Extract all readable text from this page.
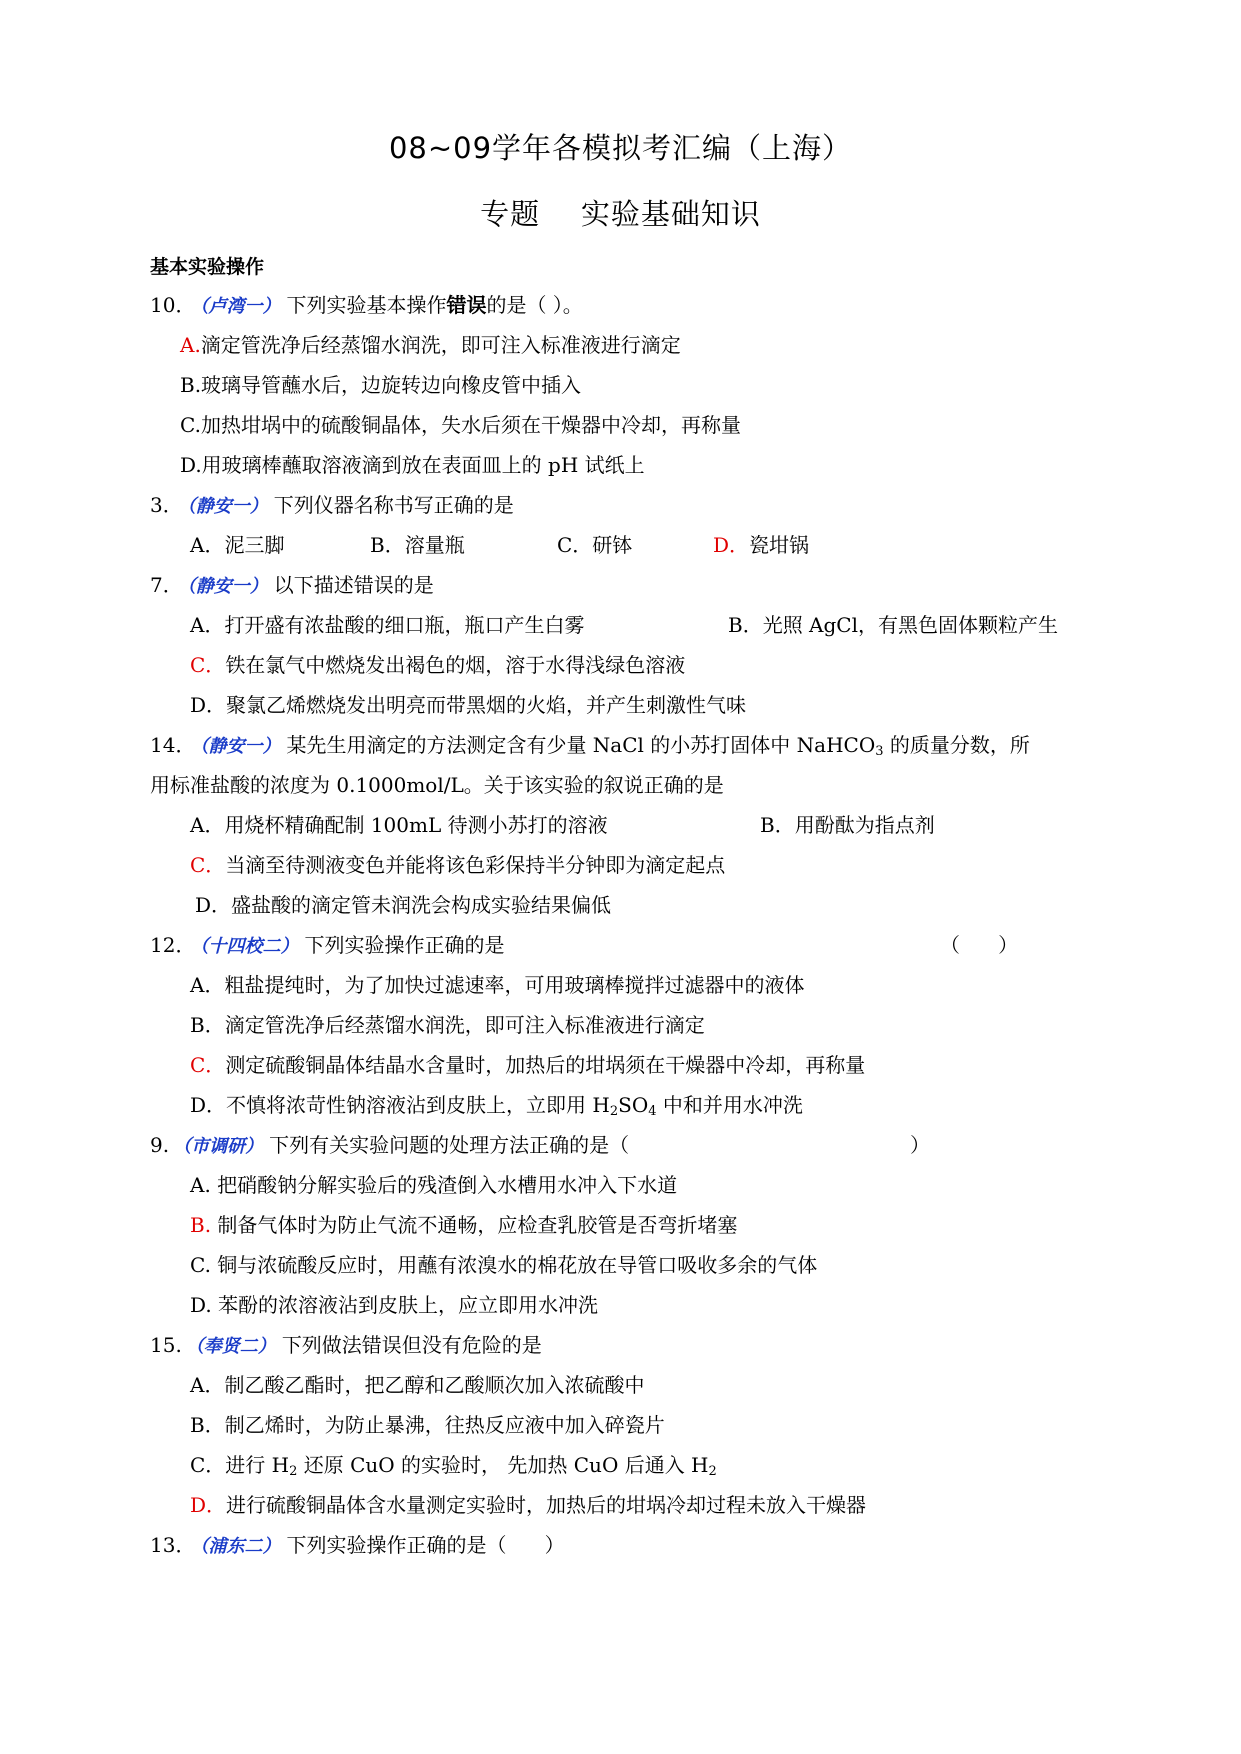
08~09学年各模拟考汇编（上海）
专题    实验基础知识
基本实验操作
10． （卢湾一） 下列实验基本操作错误的是（ ）。
A.滴定管洗净后经蒸馏水润洗，即可注入标准液进行滴定
B.玻璃导管蘸水后，边旋转边向橡皮管中插入
C.加热坩埚中的硫酸铜晶体，失水后须在干燥器中冷却，再称量
D.用玻璃棒蘸取溶液滴到放在表面皿上的 pH 试纸上
3． （静安一） 下列仪器名称书写正确的是
A．泥三脚	B．溶量瓶	C．研钵	D．瓷坩锅
7． （静安一） 以下描述错误的是
A．打开盛有浓盐酸的细口瓶，瓶口产生白雾	B．光照 AgCl，有黑色固体颗粒产生
C．铁在氯气中燃烧发出褐色的烟，溶于水得浅绿色溶液
D．聚氯乙烯燃烧发出明亮而带黑烟的火焰，并产生刺激性气味
14． （静安一） 某先生用滴定的方法测定含有少量 NaCl 的小苏打固体中 NaHCO$_3$ 的质量分数，所
用标准盐酸的浓度为 0.1000mol/L。关于该实验的叙说正确的是
A．用烧杯精确配制 100mL 待测小苏打的溶液	B．用酚酞为指点剂
C．当滴至待测液变色并能将该色彩保持半分钟即为滴定起点
D．盛盐酸的滴定管未润洗会构成实验结果偏低
12． （十四校二） 下列实验操作正确的是	（      ）
A．粗盐提纯时，为了加快过滤速率，可用玻璃棒搅拌过滤器中的液体
B．滴定管洗净后经蒸馏水润洗，即可注入标准液进行滴定
C．测定硫酸铜晶体结晶水含量时，加热后的坩埚须在干燥器中冷却，再称量
D．不慎将浓苛性钠溶液沾到皮肤上，立即用 $H_2SO_4$ 中和并用水冲洗
9. （市调研） 下列有关实验问题的处理方法正确的是（	）
A. 把硝酸钠分解实验后的残渣倒入水槽用水冲入下水道
B. 制备气体时为防止气流不通畅，应检查乳胶管是否弯折堵塞
C. 铜与浓硫酸反应时，用蘸有浓溴水的棉花放在导管口吸收多余的气体
D. 苯酚的浓溶液沾到皮肤上，应立即用水冲洗
15. （奉贤二） 下列做法错误但没有危险的是
A．制乙酸乙酯时，把乙醇和乙酸顺次加入浓硫酸中
B．制乙烯时，为防止暴沸，往热反应液中加入碎瓷片
C．进行 $H_2$ 还原 CuO 的实验时， 先加热 CuO 后通入 $H_2$
D．进行硫酸铜晶体含水量测定实验时，加热后的坩埚冷却过程未放入干燥器
13． （浦东二） 下列实验操作正确的是（      ）
